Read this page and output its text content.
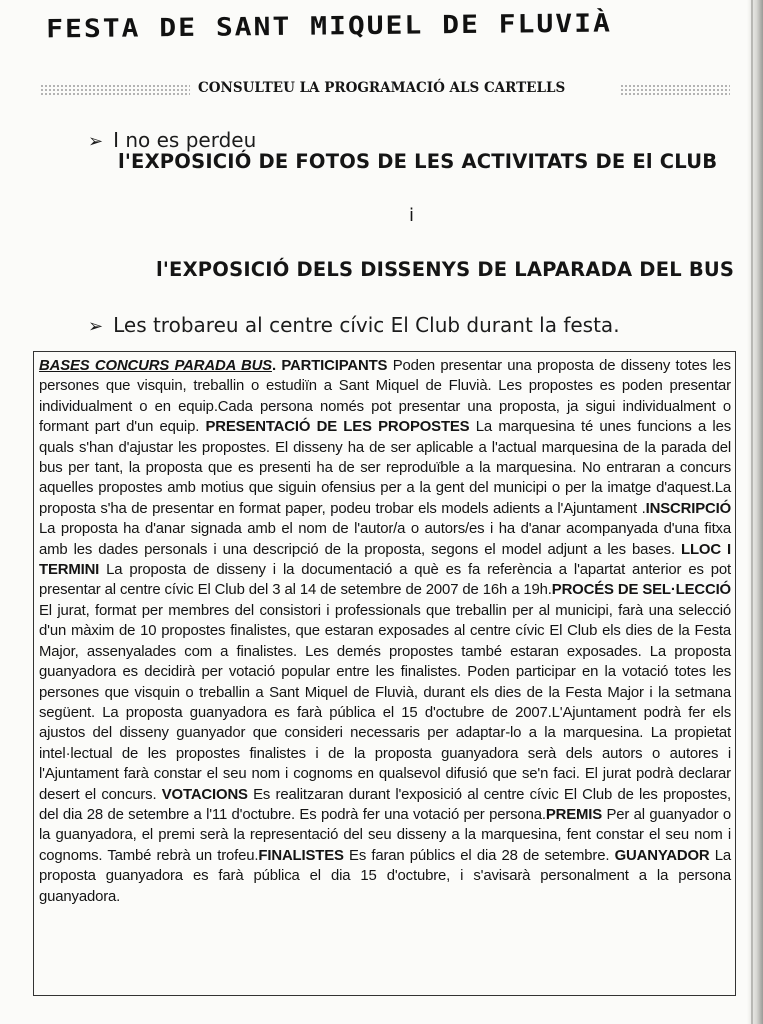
FESTA DE SANT MIQUEL DE FLUVIÀ
CONSULTEU LA PROGRAMACIÓ ALS CARTELLS
➢ I no es perdeu
l'EXPOSICIÓ DE FOTOS DE LES ACTIVITATS DE El CLUB
i
l'EXPOSICIÓ DELS DISSENYS DE LAPARADA DEL BUS
➢ Les trobareu al centre cívic El Club durant la festa.
BASES CONCURS PARADA BUS. PARTICIPANTS Poden presentar una proposta de disseny totes les persones que visquin, treballin o estudiïn a Sant Miquel de Fluvià. Les propostes es poden presentar individualment o en equip.Cada persona només pot presentar una proposta, ja sigui individualment o formant part d'un equip. PRESENTACIÓ DE LES PROPOSTES La marquesina té unes funcions a les quals s'han d'ajustar les propostes. El disseny ha de ser aplicable a l'actual marquesina de la parada del bus per tant, la proposta que es presenti ha de ser reproduïble a la marquesina. No entraran a concurs aquelles propostes amb motius que siguin ofensius per a la gent del municipi o per la imatge d'aquest.La proposta s'ha de presentar en format paper, podeu trobar els models adients a l'Ajuntament .INSCRIPCIÓ La proposta ha d'anar signada amb el nom de l'autor/a o autors/es i ha d'anar acompanyada d'una fitxa amb les dades personals i una descripció de la proposta, segons el model adjunt a les bases. LLOC I TERMINI La proposta de disseny i la documentació a què es fa referència a l'apartat anterior es pot presentar al centre cívic El Club del 3 al 14 de setembre de 2007 de 16h a 19h.PROCÉS DE SEL·LECCIÓ El jurat, format per membres del consistori i professionals que treballin per al municipi, farà una selecció d'un màxim de 10 propostes finalistes, que estaran exposades al centre cívic El Club els dies de la Festa Major, assenyalades com a finalistes. Les demés propostes també estaran exposades. La proposta guanyadora es decidirà per votació popular entre les finalistes. Poden participar en la votació totes les persones que visquin o treballin a Sant Miquel de Fluvià, durant els dies de la Festa Major i la setmana següent. La proposta guanyadora es farà pública el 15 d'octubre de 2007.L'Ajuntament podrà fer els ajustos del disseny guanyador que consideri necessaris per adaptar-lo a la marquesina. La propietat intel·lectual de les propostes finalistes i de la proposta guanyadora serà dels autors o autores i l'Ajuntament farà constar el seu nom i cognoms en qualsevol difusió que se'n faci. El jurat podrà declarar desert el concurs. VOTACIONS Es realitzaran durant l'exposició al centre cívic El Club de les propostes, del dia 28 de setembre a l'11 d'octubre. Es podrà fer una votació per persona.PREMIS Per al guanyador o la guanyadora, el premi serà la representació del seu disseny a la marquesina, fent constar el seu nom i cognoms. També rebrà un trofeu.FINALISTES Es faran públics el dia 28 de setembre. GUANYADOR La proposta guanyadora es farà pública el dia 15 d'octubre, i s'avisarà personalment a la persona guanyadora.
